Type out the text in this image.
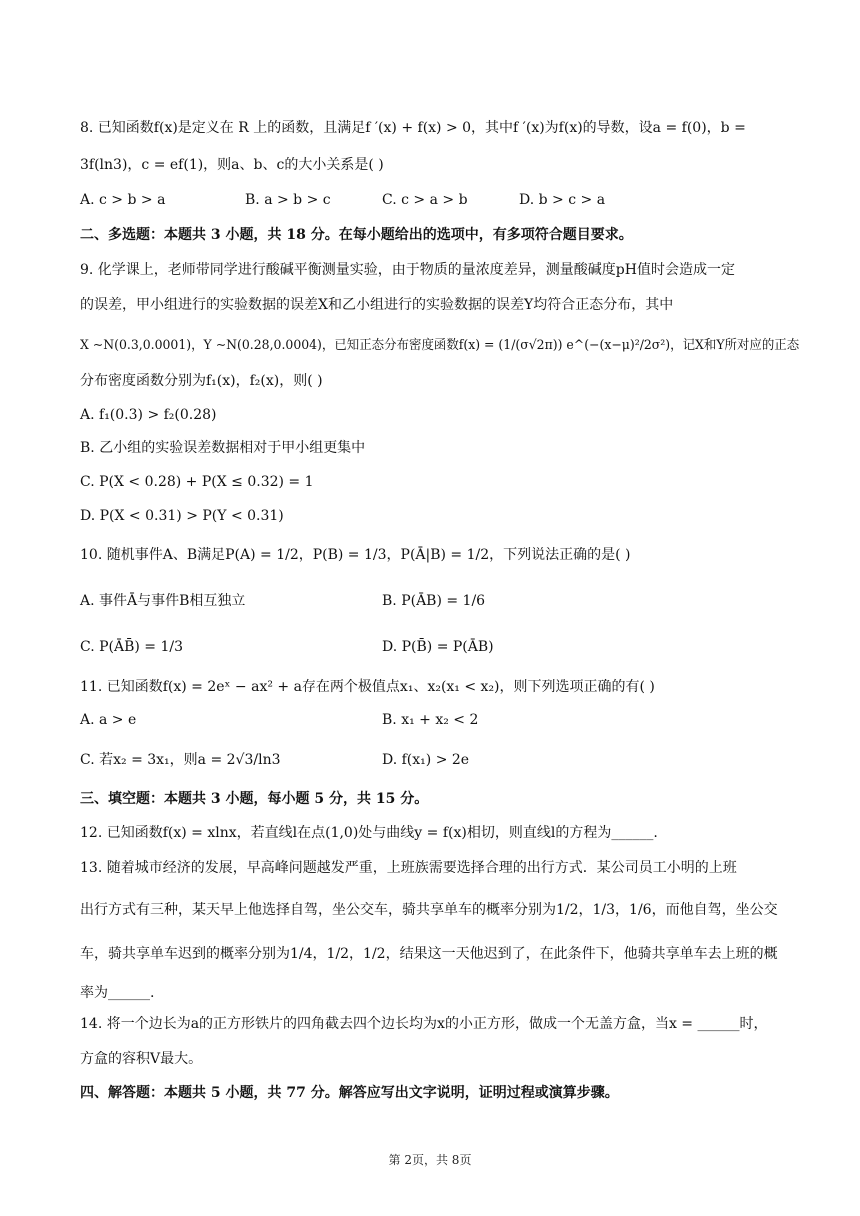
8. 已知函数f(x)是定义在 R 上的函数，且满足f ′(x) + f(x) > 0，其中f ′(x)为f(x)的导数，设a = f(0)，b =
3f(ln3)，c = ef(1)，则a、b、c的大小关系是( )
A. c > b > a	B. a > b > c	C. c > a > b	D. b > c > a
二、多选题：本题共 3 小题，共 18 分。在每小题给出的选项中，有多项符合题目要求。
9. 化学课上，老师带同学进行酸碱平衡测量实验，由于物质的量浓度差异，测量酸碱度pH值时会造成一定
的误差，甲小组进行的实验数据的误差X和乙小组进行的实验数据的误差Y均符合正态分布，其中
X ∼N(0.3,0.0001)，Y ∼N(0.28,0.0004)，已知正态分布密度函数f(x) = (1/(σ√2π)) e^(−(x−μ)²/2σ²)，记X和Y所对应的正态
分布密度函数分别为f₁(x)，f₂(x)，则( )
A. f₁(0.3) > f₂(0.28)
B. 乙小组的实验误差数据相对于甲小组更集中
C. P(X < 0.28) + P(X ≤ 0.32) = 1
D. P(X < 0.31) > P(Y < 0.31)
10. 随机事件A、B满足P(A) = 1/2，P(B) = 1/3，P(Ā|B) = 1/2，下列说法正确的是( )
A. 事件Ā与事件B相互独立	B. P(ĀB) = 1/6
C. P(ĀB̄) = 1/3	D. P(B̄) = P(ĀB)
11. 已知函数f(x) = 2eˣ − ax² + a存在两个极值点x₁、x₂(x₁ < x₂)，则下列选项正确的有( )
A. a > e	B. x₁ + x₂ < 2
C. 若x₂ = 3x₁，则a = 2√3/ln3	D. f(x₁) > 2e
三、填空题：本题共 3 小题，每小题 5 分，共 15 分。
12. 已知函数f(x) = xlnx，若直线l在点(1,0)处与曲线y = f(x)相切，则直线l的方程为______.
13. 随着城市经济的发展，早高峰问题越发严重，上班族需要选择合理的出行方式．某公司员工小明的上班
出行方式有三种，某天早上他选择自驾，坐公交车，骑共享单车的概率分别为1/2，1/3，1/6，而他自驾，坐公交
车，骑共享单车迟到的概率分别为1/4，1/2，1/2，结果这一天他迟到了，在此条件下，他骑共享单车去上班的概
率为______.
14. 将一个边长为a的正方形铁片的四角截去四个边长均为x的小正方形，做成一个无盖方盒，当x = ______时，
方盒的容积V最大。
四、解答题：本题共 5 小题，共 77 分。解答应写出文字说明，证明过程或演算步骤。
第 2页，共 8页
